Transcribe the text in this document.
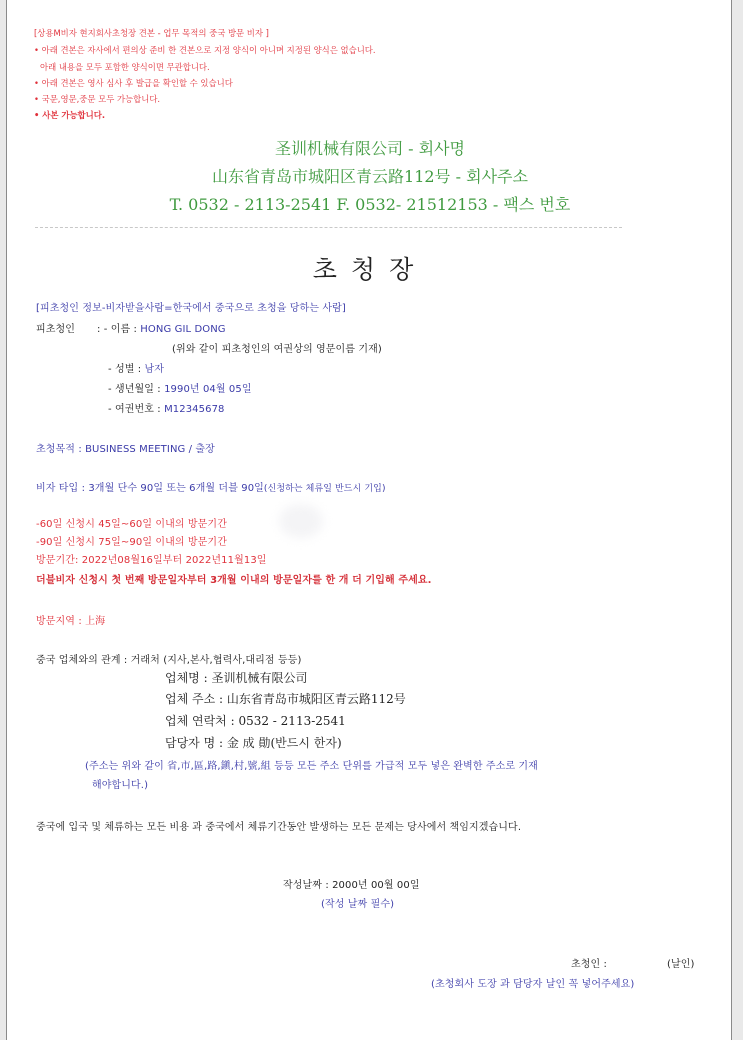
[상용M비자 현지회사초청장 견본 - 업무 목적의 중국 방문 비자 ]
• 아래 견본은 자사에서 편의상 준비 한 견본으로 지정 양식이 아니며 지정된 양식은 없습니다.
아래 내용을 모두 포함한 양식이면 무관합니다.
• 아래 견본은 영사 심사 후 발급을 확인할 수 있습니다
• 국문,영문,중문 모두 가능합니다.
• 사본 가능합니다.
圣训机械有限公司 - 회사명
山东省青岛市城阳区青云路112号 - 회사주소
T. 0532 - 2113-2541 F. 0532- 21512153 - 팩스 번호
초청장
[피초청인 정보-비자받을사람=한국에서 중국으로 초청을 당하는 사람]
피초청인 : - 이름 : HONG GIL DONG
(위와 같이 피초청인의 여권상의 영문이름 기재)
- 성별 : 남자
- 생년월일 : 1990년 04월 05일
- 여권번호 : M12345678
초청목적 : BUSINESS MEETING / 출장
비자 타입 : 3개월 단수 90일 또는 6개월 더블 90일(신청하는 체류일 반드시 기입)
-60일 신청시 45일~60일 이내의 방문기간
-90일 신청시 75일~90일 이내의 방문기간
방문기간: 2022년08월16일부터 2022년11월13일
더블비자 신청시 첫 번째 방문일자부터 3개월 이내의 방문일자를 한 개 더 기입해 주세요.
방문지역 : 上海
중국 업체와의 관계 : 거래처 (지사,본사,협력사,대리점 등등)
업체명 : 圣训机械有限公司
업체 주소 : 山东省青岛市城阳区青云路112号
업체 연락처 : 0532 - 2113-2541
담당자 명 : 金 成 勛(반드시 한자)
(주소는 위와 같이 省,市,區,路,鎭,村,號,組 등등 모든 주소 단위를 가급적 모두 넣은 완벽한 주소로 기재
해야합니다.)
중국에 입국 및 체류하는 모든 비용 과 중국에서 체류기간동안 발생하는 모든 문제는 당사에서 책임지겠습니다.
작성날짜 : 2000년 00월 00일
(작성 날짜 필수)
초청인 :	(날인)
(초청회사 도장 과 담당자 날인 꼭 넣어주세요)
